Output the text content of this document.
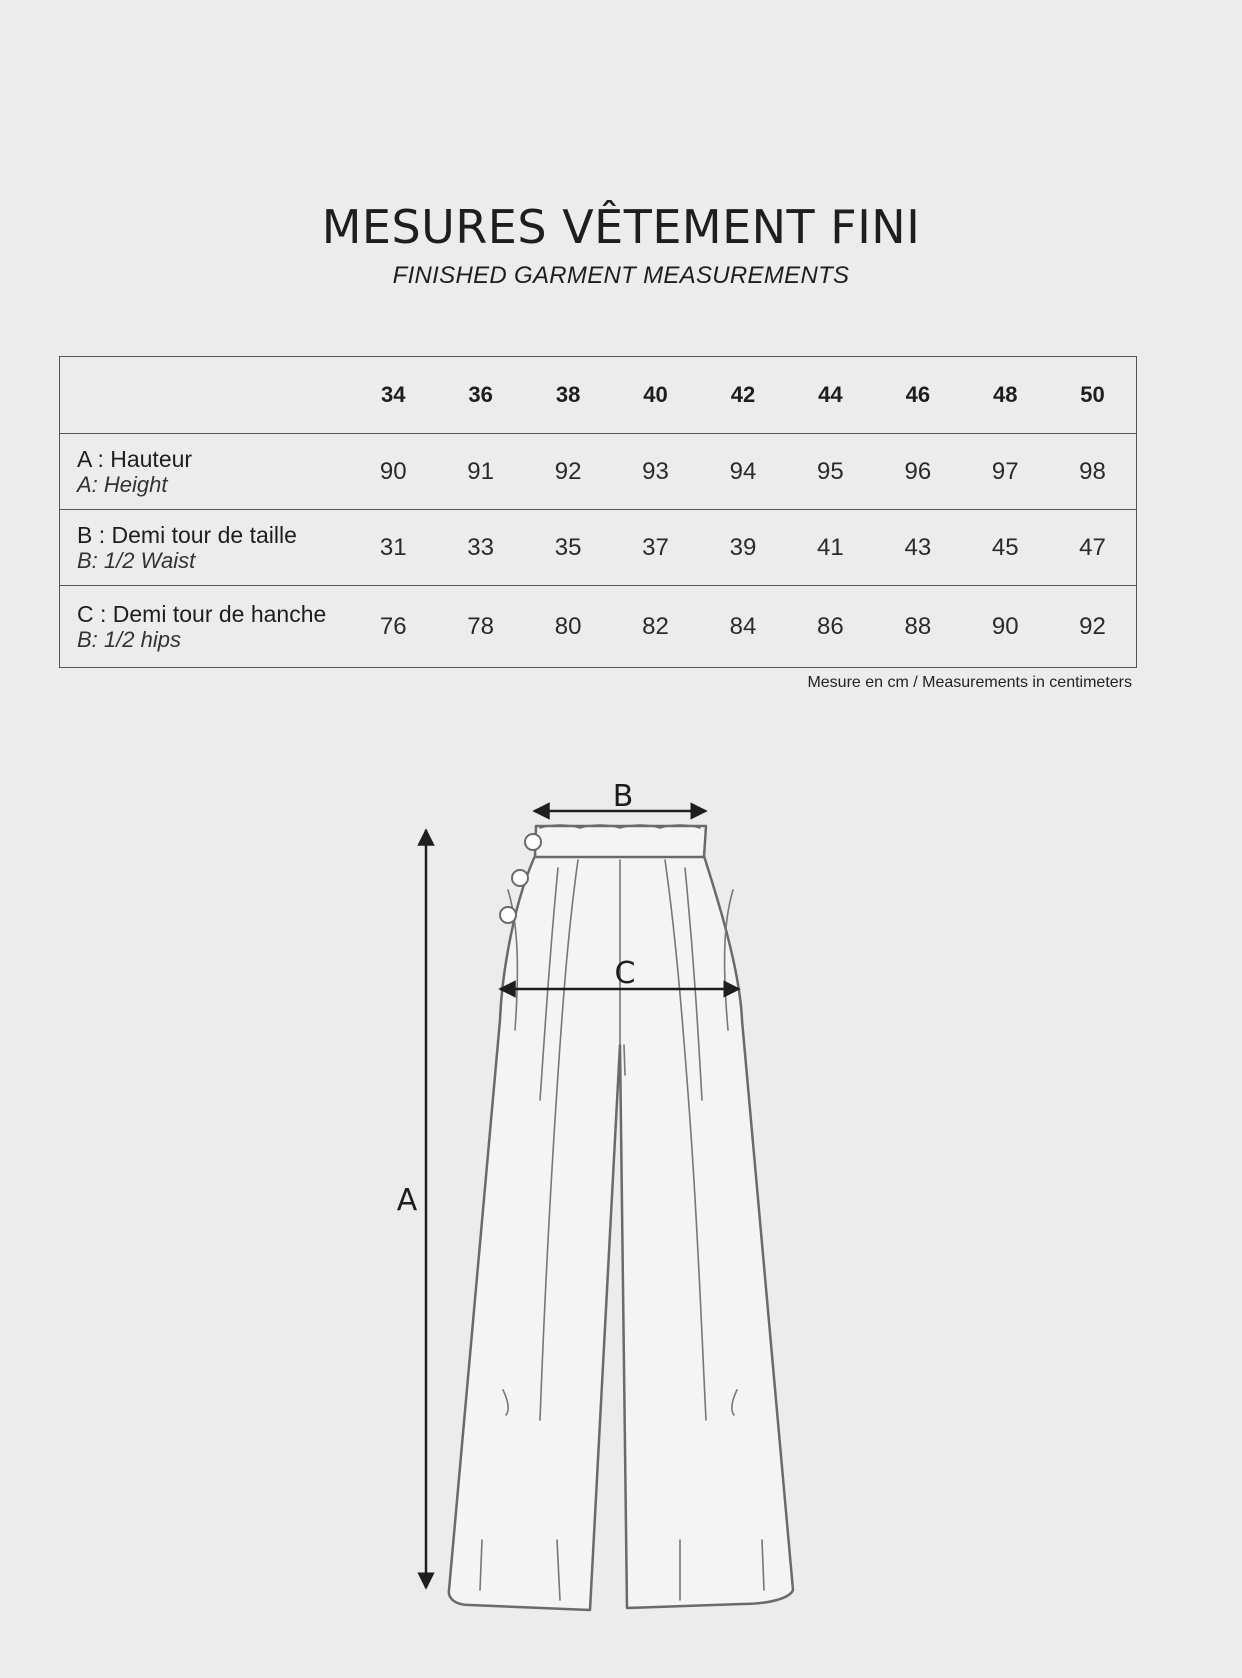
MESURES VÊTEMENT FINI
FINISHED GARMENT MEASUREMENTS
	34	36	38	40	42	44	46	48	50

A : Hauteur
A: Height	90	91	92	93	94	95	96	97	98

B : Demi tour de taille
B: 1/2 Waist	31	33	35	37	39	41	43	45	47

C : Demi tour de hanche
B: 1/2 hips	76	78	80	82	84	86	88	90	92
Mesure en cm / Measurements in centimeters
B
C
A
